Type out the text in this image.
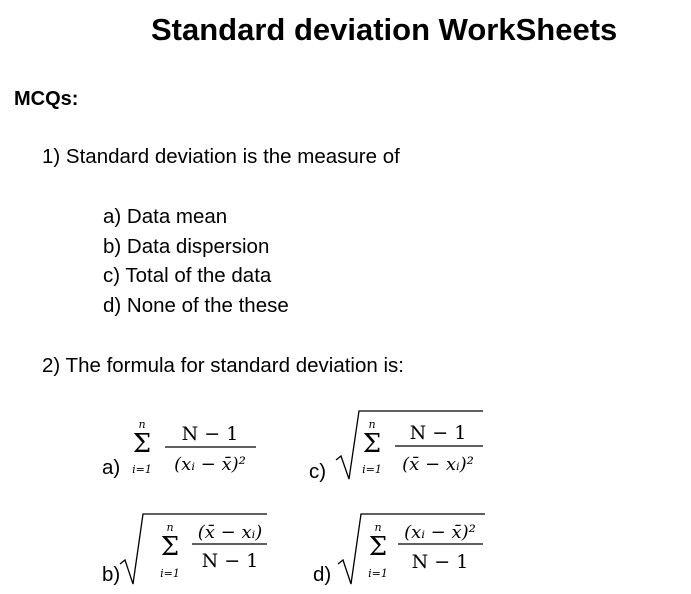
Standard deviation WorkSheets
MCQs:
1) Standard deviation is the measure of
a) Data mean
b) Data dispersion
c) Total of the data
d) None of the these
2) The formula for standard deviation is:
a)
n
Σ
i=1
N − 1
(xᵢ − x̄)²	c)
n
Σ
i=1
N − 1
(x̄ − xᵢ)²
b)
n
Σ
i=1
(x̄ − xᵢ)
N − 1
d)
n
Σ
i=1
(xᵢ − x̄)²
N − 1
